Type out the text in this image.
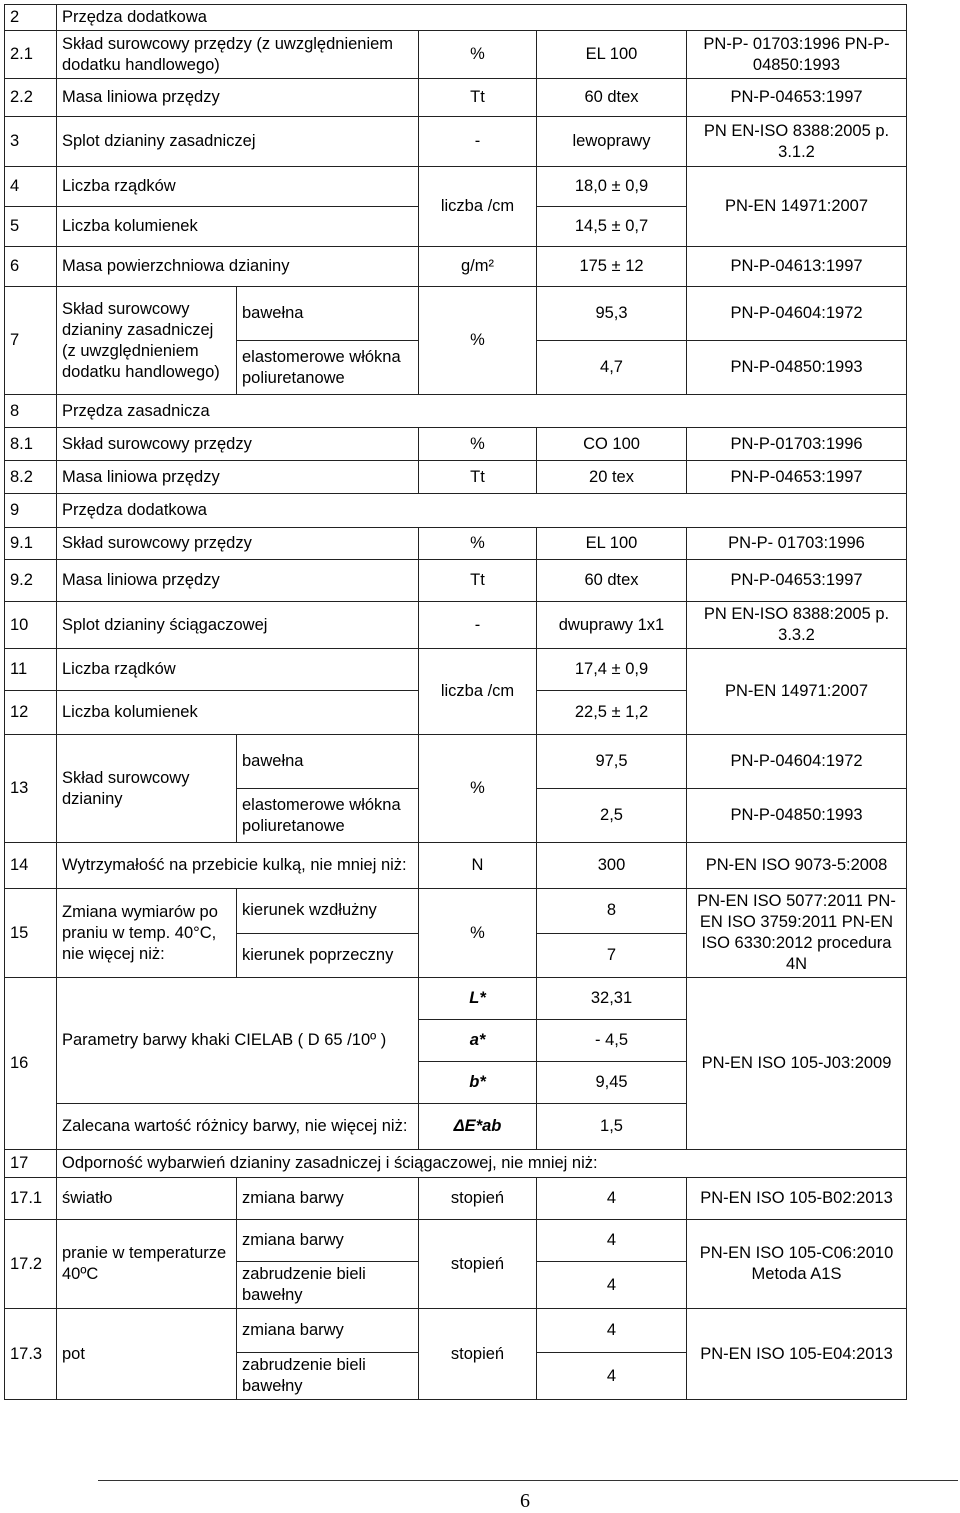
2	Przędza dodatkowa				
2.1	Skład surowcowy przędzy (z uwzględnieniem dodatku handlowego)		%	EL 100	PN-P- 01703:1996 PN-P-04850:1993
2.2	Masa liniowa przędzy		Tt	60 dtex	PN-P-04653:1997
3	Splot dzianiny zasadniczej		-	lewoprawy	PN EN-ISO 8388:2005 p. 3.1.2
4	Liczba rządków		liczba /cm	18,0 ± 0,9	PN-EN 14971:2007
5	Liczba kolumienek			14,5 ± 0,7	
6	Masa powierzchniowa dzianiny		g/m²	175 ± 12	PN-P-04613:1997
7	Skład surowcowy dzianiny zasadniczej (z uwzględnieniem dodatku handlowego)	bawełna	%	95,3	PN-P-04604:1972
		elastomerowe włókna poliuretanowe		4,7	PN-P-04850:1993
8	Przędza zasadnicza				
8.1	Skład surowcowy przędzy		%	CO 100	PN-P-01703:1996
8.2	Masa liniowa przędzy		Tt	20 tex	PN-P-04653:1997
9	Przędza dodatkowa				
9.1	Skład surowcowy przędzy		%	EL 100	PN-P- 01703:1996
9.2	Masa liniowa przędzy		Tt	60 dtex	PN-P-04653:1997
10	Splot dzianiny ściągaczowej		-	dwuprawy 1x1	PN EN-ISO 8388:2005 p. 3.3.2
11	Liczba rządków		liczba /cm	17,4 ± 0,9	PN-EN 14971:2007
12	Liczba kolumienek			22,5 ± 1,2	
13	Skład surowcowy dzianiny	bawełna	%	97,5	PN-P-04604:1972
		elastomerowe włókna poliuretanowe		2,5	PN-P-04850:1993
14	Wytrzymałość na przebicie kulką, nie mniej niż:		N	300	PN-EN ISO 9073-5:2008
15	Zmiana wymiarów po praniu w temp. 40°C, nie więcej niż:	kierunek wzdłużny	%	8	PN-EN ISO 5077:2011 PN-EN ISO 3759:2011 PN-EN ISO 6330:2012 procedura 4N
		kierunek poprzeczny		7	
16	Parametry barwy khaki CIELAB ( D 65 /10º )		L*	32,31	PN-EN ISO 105-J03:2009
			a*	- 4,5	
			b*	9,45	
	Zalecana wartość różnicy barwy, nie więcej niż:		ΔE*ab	1,5	
17	Odporność wybarwień dzianiny zasadniczej i ściągaczowej, nie mniej niż:				
17.1	światło	zmiana barwy	stopień	4	PN-EN ISO 105-B02:2013
17.2	pranie w temperaturze 40ºC	zmiana barwy	stopień	4	PN-EN ISO 105-C06:2010 Metoda A1S
		zabrudzenie bieli bawełny		4	
17.3	pot	zmiana barwy	stopień	4	PN-EN ISO 105-E04:2013
		zabrudzenie bieli bawełny		4	
6
